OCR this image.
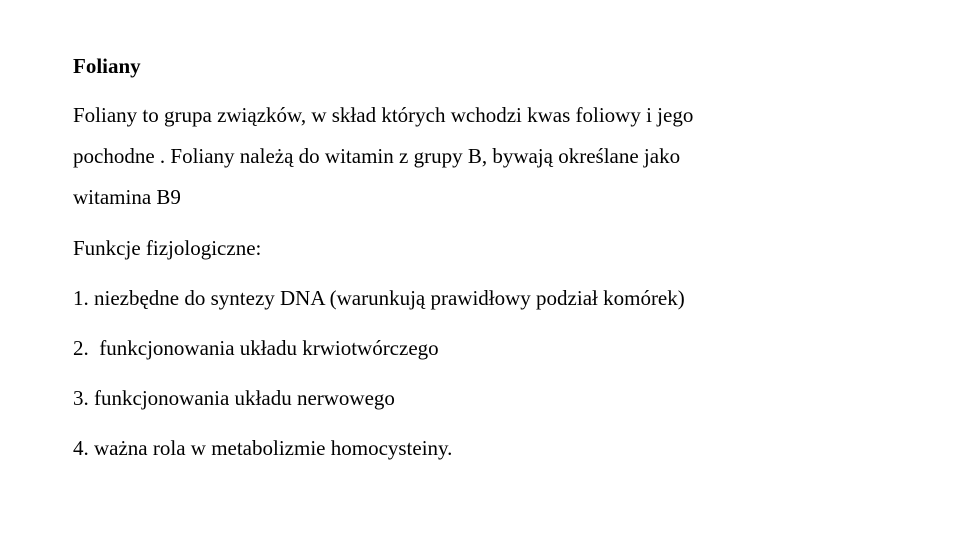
Foliany
Foliany to grupa związków, w skład których wchodzi kwas foliowy i jego
pochodne . Foliany należą do witamin z grupy B, bywają określane jako
witamina B9
Funkcje fizjologiczne:
1. niezbędne do syntezy DNA (warunkują prawidłowy podział komórek)
2.  funkcjonowania układu krwiotwórczego
3. funkcjonowania układu nerwowego
4. ważna rola w metabolizmie homocysteiny.
